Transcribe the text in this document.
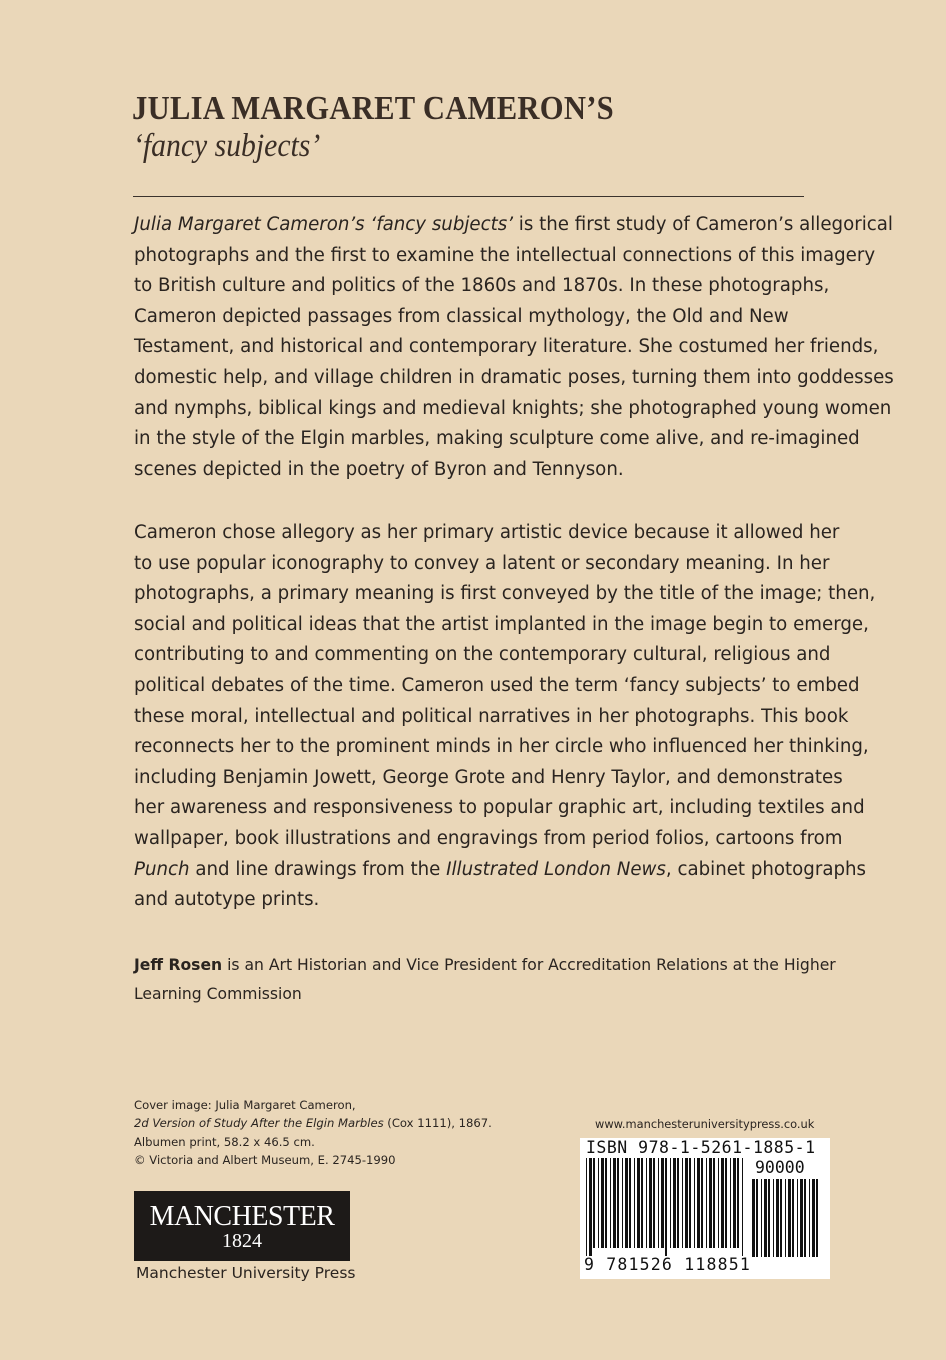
JULIA MARGARET CAMERON’S
‘fancy subjects’
Julia Margaret Cameron’s ‘fancy subjects’ is the first study of Cameron’s allegorical
photographs and the first to examine the intellectual connections of this imagery
to British culture and politics of the 1860s and 1870s. In these photographs,
Cameron depicted passages from classical mythology, the Old and New
Testament, and historical and contemporary literature. She costumed her friends,
domestic help, and village children in dramatic poses, turning them into goddesses
and nymphs, biblical kings and medieval knights; she photographed young women
in the style of the Elgin marbles, making sculpture come alive, and re-imagined
scenes depicted in the poetry of Byron and Tennyson.
Cameron chose allegory as her primary artistic device because it allowed her
to use popular iconography to convey a latent or secondary meaning. In her
photographs, a primary meaning is first conveyed by the title of the image; then,
social and political ideas that the artist implanted in the image begin to emerge,
contributing to and commenting on the contemporary cultural, religious and
political debates of the time. Cameron used the term ‘fancy subjects’ to embed
these moral, intellectual and political narratives in her photographs. This book
reconnects her to the prominent minds in her circle who influenced her thinking,
including Benjamin Jowett, George Grote and Henry Taylor, and demonstrates
her awareness and responsiveness to popular graphic art, including textiles and
wallpaper, book illustrations and engravings from period folios, cartoons from
Punch and line drawings from the Illustrated London News, cabinet photographs
and autotype prints.
Jeff Rosen is an Art Historian and Vice President for Accreditation Relations at the Higher
Learning Commission
Cover image: Julia Margaret Cameron,
2d Version of Study After the Elgin Marbles (Cox 1111), 1867.
Albumen print, 58.2 x 46.5 cm.
© Victoria and Albert Museum, E. 2745-1990
MANCHESTER
1824
Manchester University Press
www.manchesteruniversitypress.co.uk
ISBN 978-1-5261-1885-1
90000
9 781526 118851
